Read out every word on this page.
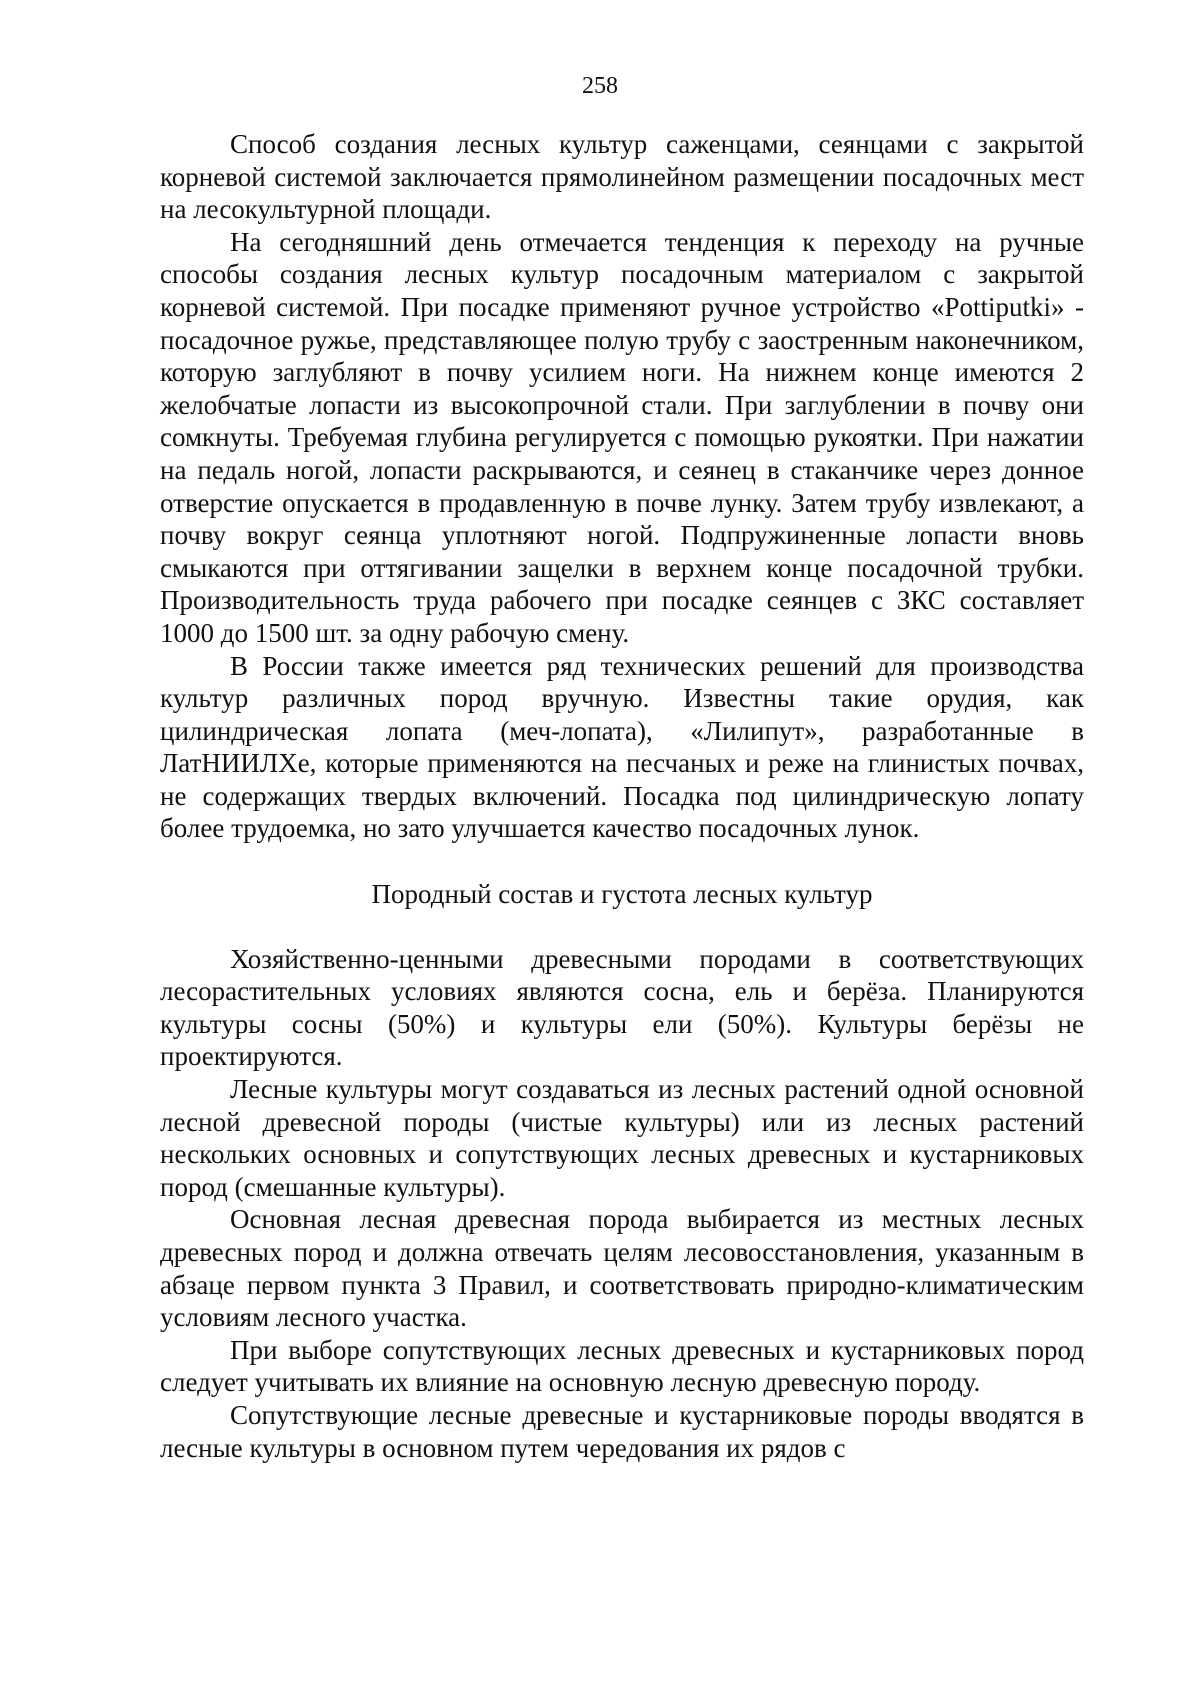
258

Способ создания лесных культур саженцами, сеянцами с закрытой корневой системой заключается прямолинейном размещении посадочных мест на лесокультурной площади.

На сегодняшний день отмечается тенденция к переходу на ручные способы создания лесных культур посадочным материалом с закрытой корневой системой. При посадке применяют ручное устройство «Pottiputki» - посадочное ружье, представляющее полую трубу с заостренным наконечником, которую заглубляют в почву усилием ноги. На нижнем конце имеются 2 желобчатые лопасти из высокопрочной стали. При заглублении в почву они сомкнуты. Требуемая глубина регулируется с помощью рукоятки. При нажатии на педаль ногой, лопасти раскрываются, и сеянец в стаканчике через донное отверстие опускается в продавленную в почве лунку. Затем трубу извлекают, а почву вокруг сеянца уплотняют ногой. Подпружиненные лопасти вновь смыкаются при оттягивании защелки в верхнем конце посадочной трубки. Производительность труда рабочего при посадке сеянцев с ЗКС составляет 1000 до 1500 шт. за одну рабочую смену.

В России также имеется ряд технических решений для производства культур различных пород вручную. Известны такие орудия, как цилиндрическая лопата (меч-лопата), «Лилипут», разработанные в ЛатНИИЛХе, которые применяются на песчаных и реже на глинистых почвах, не содержащих твердых включений. Посадка под цилиндрическую лопату более трудоемка, но зато улучшается качество посадочных лунок.

Породный состав и густота лесных культур

Хозяйственно-ценными древесными породами в соответствующих лесорастительных условиях являются сосна, ель и берёза. Планируются культуры сосны (50%) и культуры ели (50%). Культуры берёзы не проектируются.

Лесные культуры могут создаваться из лесных растений одной основной лесной древесной породы (чистые культуры) или из лесных растений нескольких основных и сопутствующих лесных древесных и кустарниковых пород (смешанные культуры).

Основная лесная древесная порода выбирается из местных лесных древесных пород и должна отвечать целям лесовосстановления, указанным в абзаце первом пункта 3 Правил, и соответствовать природно-климатическим условиям лесного участка.

При выборе сопутствующих лесных древесных и кустарниковых пород следует учитывать их влияние на основную лесную древесную породу.

Сопутствующие лесные древесные и кустарниковые породы вводятся в лесные культуры в основном путем чередования их рядов с
